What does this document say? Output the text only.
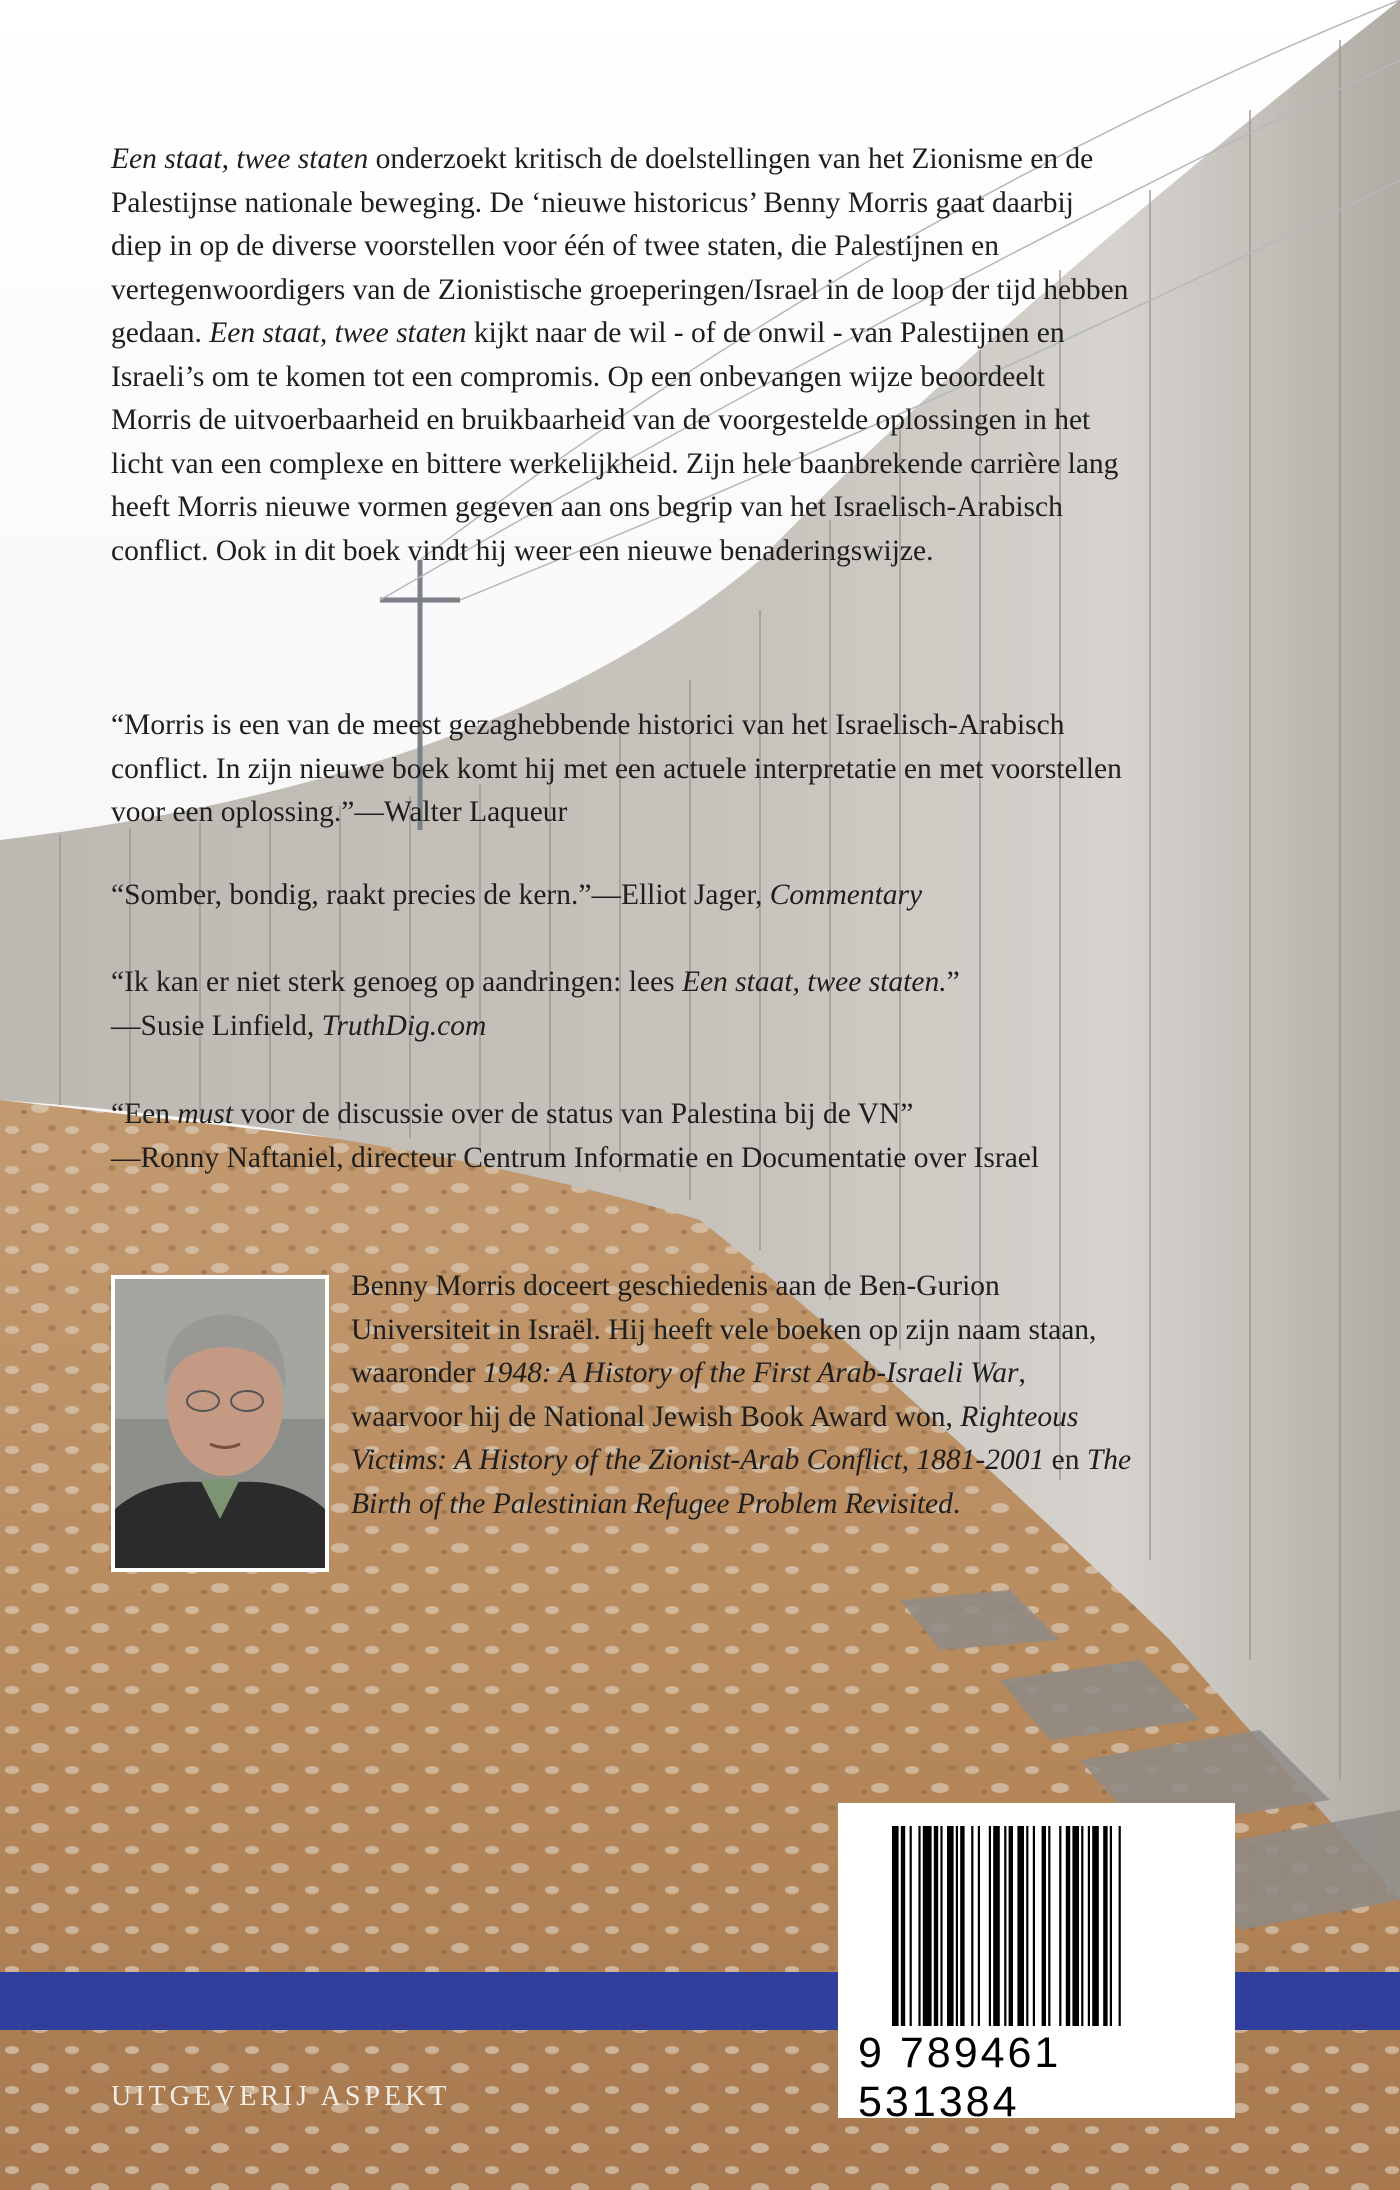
Een staat, twee staten onderzoekt kritisch de doelstellingen van het Zionisme en de Palestijnse nationale beweging. De ‘nieuwe historicus’ Benny Morris gaat daarbij diep in op de diverse voorstellen voor één of twee staten, die Palestijnen en vertegenwoordigers van de Zionistische groeperingen/Israel in de loop der tijd hebben gedaan. Een staat, twee staten kijkt naar de wil - of de onwil - van Palestijnen en Israeli’s om te komen tot een compromis. Op een onbevangen wijze beoordeelt Morris de uitvoerbaarheid en bruikbaarheid van de voorgestelde oplossingen in het licht van een complexe en bittere werkelijkheid. Zijn hele baanbrekende carrière lang heeft Morris nieuwe vormen gegeven aan ons begrip van het Israelisch-Arabisch conflict. Ook in dit boek vindt hij weer een nieuwe benaderingswijze.

“Morris is een van de meest gezaghebbende historici van het Israelisch-Arabisch conflict. In zijn nieuwe boek komt hij met een actuele interpretatie en met voorstellen voor een oplossing.”—Walter Laqueur

“Somber, bondig, raakt precies de kern.”—Elliot Jager, Commentary

“Ik kan er niet sterk genoeg op aandringen: lees Een staat, twee staten.”
—Susie Linfield, TruthDig.com

“Een must voor de discussie over de status van Palestina bij de VN”
—Ronny Naftaniel, directeur Centrum Informatie en Documentatie over Israel

Benny Morris doceert geschiedenis aan de Ben-Gurion Universiteit in Israël. Hij heeft vele boeken op zijn naam staan, waaronder 1948: A History of the First Arab-Israeli War, waarvoor hij de National Jewish Book Award won, Righteous Victims: A History of the Zionist-Arab Conflict, 1881-2001 en The Birth of the Palestinian Refugee Problem Revisited.
UITGEVERIJ ASPEKT
9 789461 531384
